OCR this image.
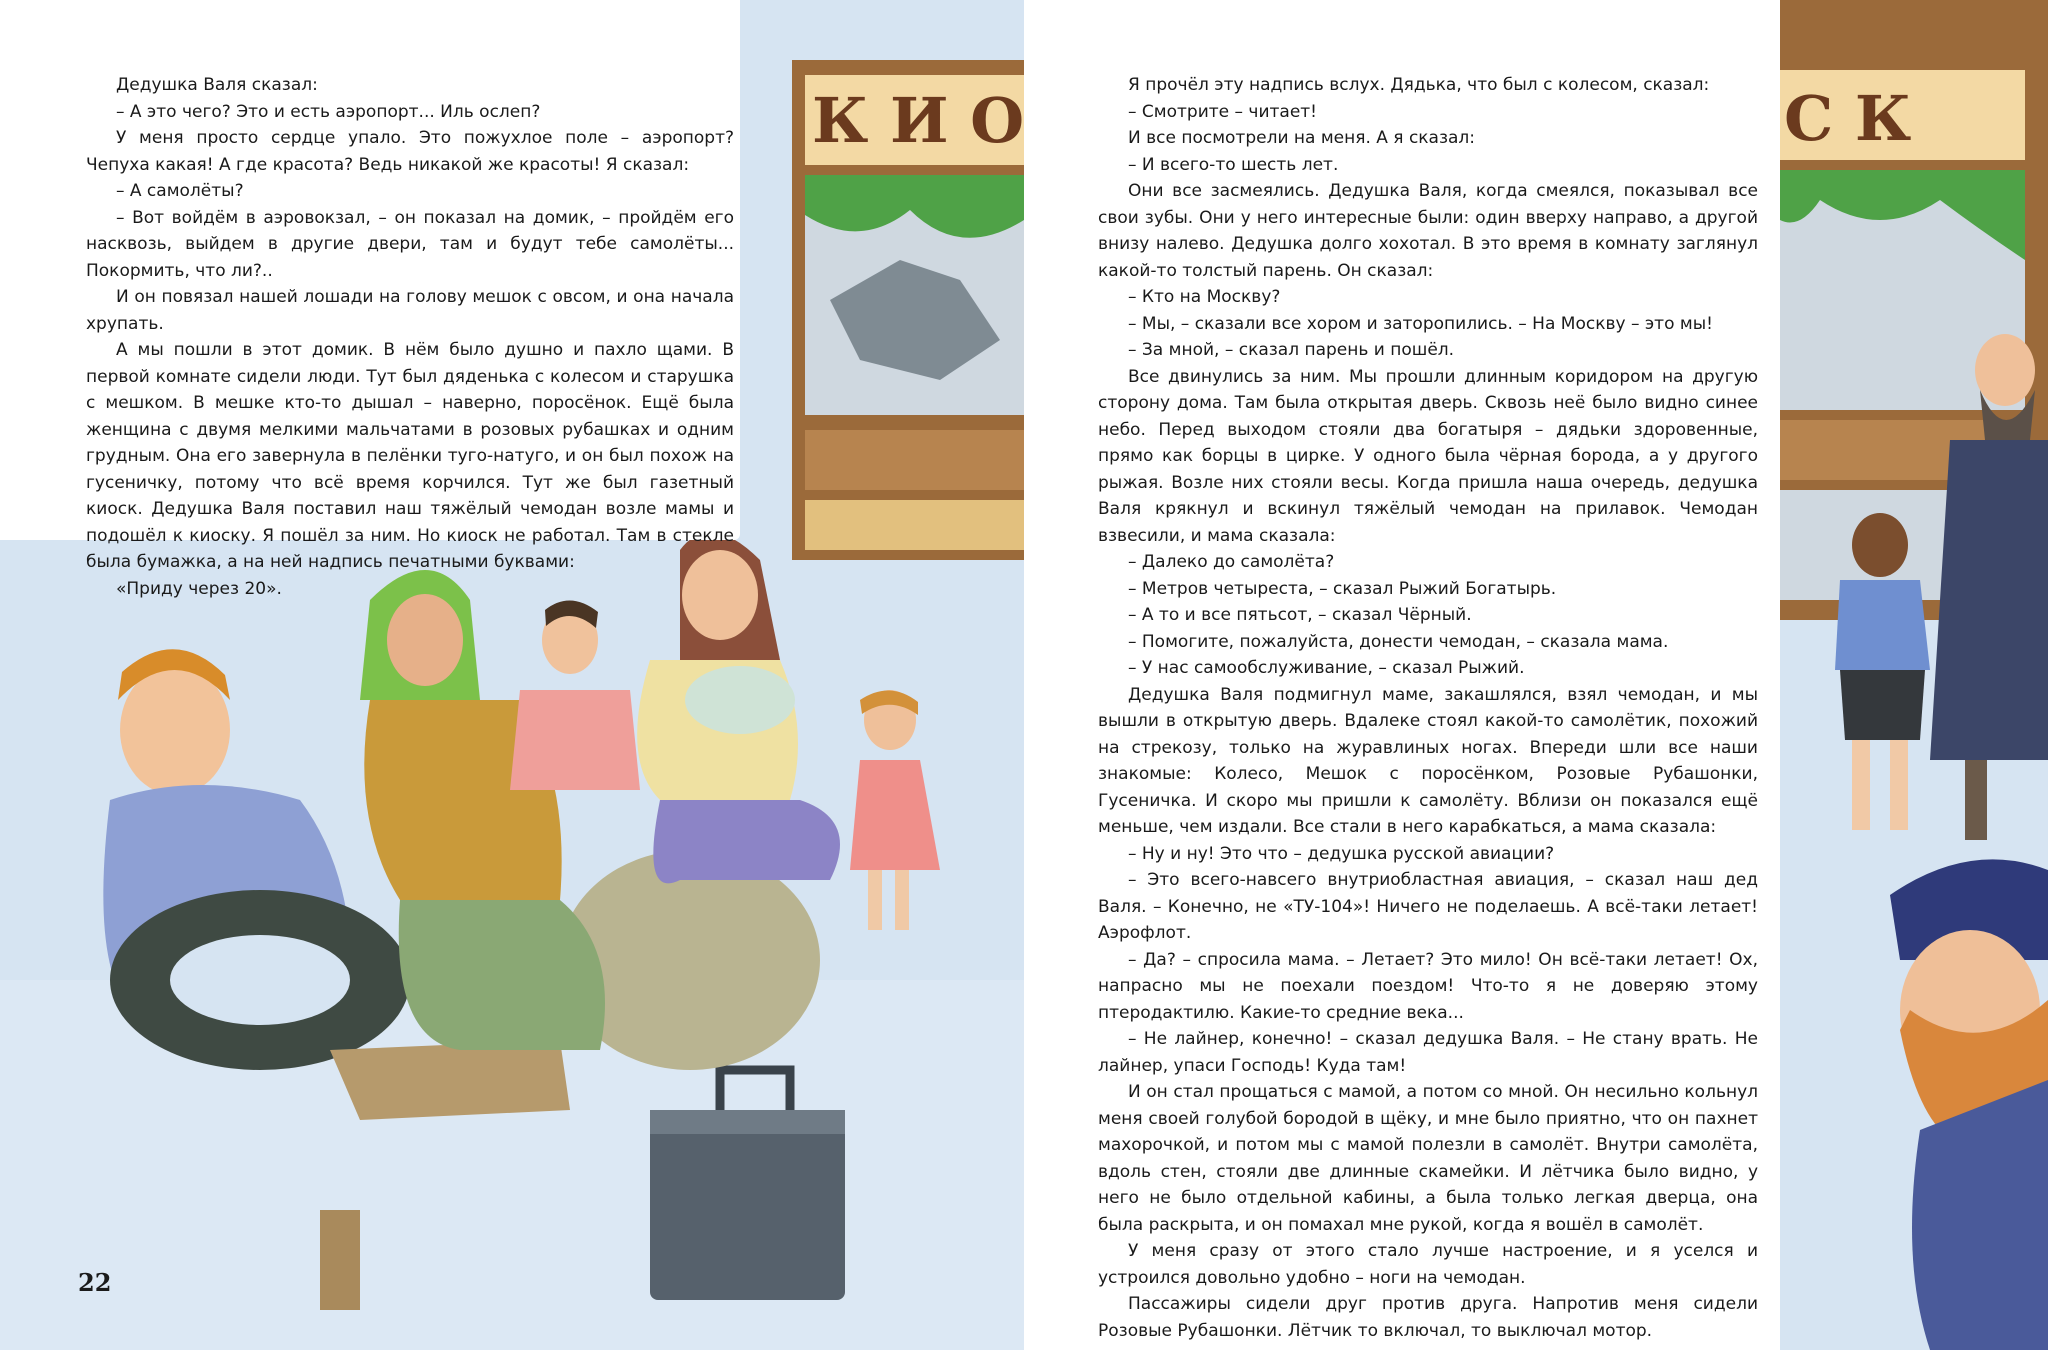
К И О

Дедушка Валя сказал:

– А это чего? Это и есть аэропорт... Иль ослеп?

У меня просто сердце упало. Это пожухлое поле – аэропорт? Чепуха какая! А где красота? Ведь никакой же красоты! Я сказал:

– А самолёты?

– Вот войдём в аэровокзал, – он показал на домик, – пройдём его насквозь, выйдем в другие двери, там и будут тебе самолёты... Покормить, что ли?..

И он повязал нашей лошади на голову мешок с овсом, и она начала хрупать.

А мы пошли в этот домик. В нём было душно и пахло щами. В первой комнате сидели люди. Тут был дяденька с колесом и старушка с мешком. В мешке кто-то дышал – наверно, поросёнок. Ещё была женщина с двумя мелкими мальчатами в розовых рубашках и одним грудным. Она его завернула в пелёнки туго-натуго, и он был похож на гусеничку, потому что всё время корчился. Тут же был газетный киоск. Дедушка Валя поставил наш тяжёлый чемодан возле мамы и подошёл к киоску. Я пошёл за ним. Но киоск не работал. Там в стекле была бумажка, а на ней надпись печатными буквами:

«Приду через 20».

22
С К

Я прочёл эту надпись вслух. Дядька, что был с колесом, сказал:

– Смотрите – читает!

И все посмотрели на меня. А я сказал:

– И всего-то шесть лет.

Они все засмеялись. Дедушка Валя, когда смеялся, показывал все свои зубы. Они у него интересные были: один вверху направо, а другой внизу налево. Дедушка долго хохотал. В это время в комнату заглянул какой-то толстый парень. Он сказал:

– Кто на Москву?

– Мы, – сказали все хором и заторопились. – На Москву – это мы!

– За мной, – сказал парень и пошёл.

Все двинулись за ним. Мы прошли длинным коридором на другую сторону дома. Там была открытая дверь. Сквозь неё было видно синее небо. Перед выходом стояли два богатыря – дядьки здоровенные, прямо как борцы в цирке. У одного была чёрная борода, а у другого рыжая. Возле них стояли весы. Когда пришла наша очередь, дедушка Валя крякнул и вскинул тяжёлый чемодан на прилавок. Чемодан взвесили, и мама сказала:

– Далеко до самолёта?

– Метров четыреста, – сказал Рыжий Богатырь.

– А то и все пятьсот, – сказал Чёрный.

– Помогите, пожалуйста, донести чемодан, – сказала мама.

– У нас самообслуживание, – сказал Рыжий.

Дедушка Валя подмигнул маме, закашлялся, взял чемодан, и мы вышли в открытую дверь. Вдалеке стоял какой-то самолётик, похожий на стрекозу, только на журавлиных ногах. Впереди шли все наши знакомые: Колесо, Мешок с поросёнком, Розовые Рубашонки, Гусеничка. И скоро мы пришли к самолёту. Вблизи он показался ещё меньше, чем издали. Все стали в него карабкаться, а мама сказала:

– Ну и ну! Это что – дедушка русской авиации?

– Это всего-навсего внутриобластная авиация, – сказал наш дед Валя. – Конечно, не «ТУ-104»! Ничего не поделаешь. А всё-таки летает! Аэрофлот.

– Да? – спросила мама. – Летает? Это мило! Он всё-таки летает! Ох, напрасно мы не поехали поездом! Что-то я не доверяю этому птеродактилю. Какие-то средние века...

– Не лайнер, конечно! – сказал дедушка Валя. – Не стану врать. Не лайнер, упаси Господь! Куда там!

И он стал прощаться с мамой, а потом со мной. Он несильно кольнул меня своей голубой бородой в щёку, и мне было приятно, что он пахнет махорочкой, и потом мы с мамой полезли в самолёт. Внутри самолёта, вдоль стен, стояли две длинные скамейки. И лётчика было видно, у него не было отдельной кабины, а была только легкая дверца, она была раскрыта, и он помахал мне рукой, когда я вошёл в самолёт.

У меня сразу от этого стало лучше настроение, и я уселся и устроился довольно удобно – ноги на чемодан.

Пассажиры сидели друг против друга. Напротив меня сидели Розовые Рубашонки. Лётчик то включал, то выключал мотор.
